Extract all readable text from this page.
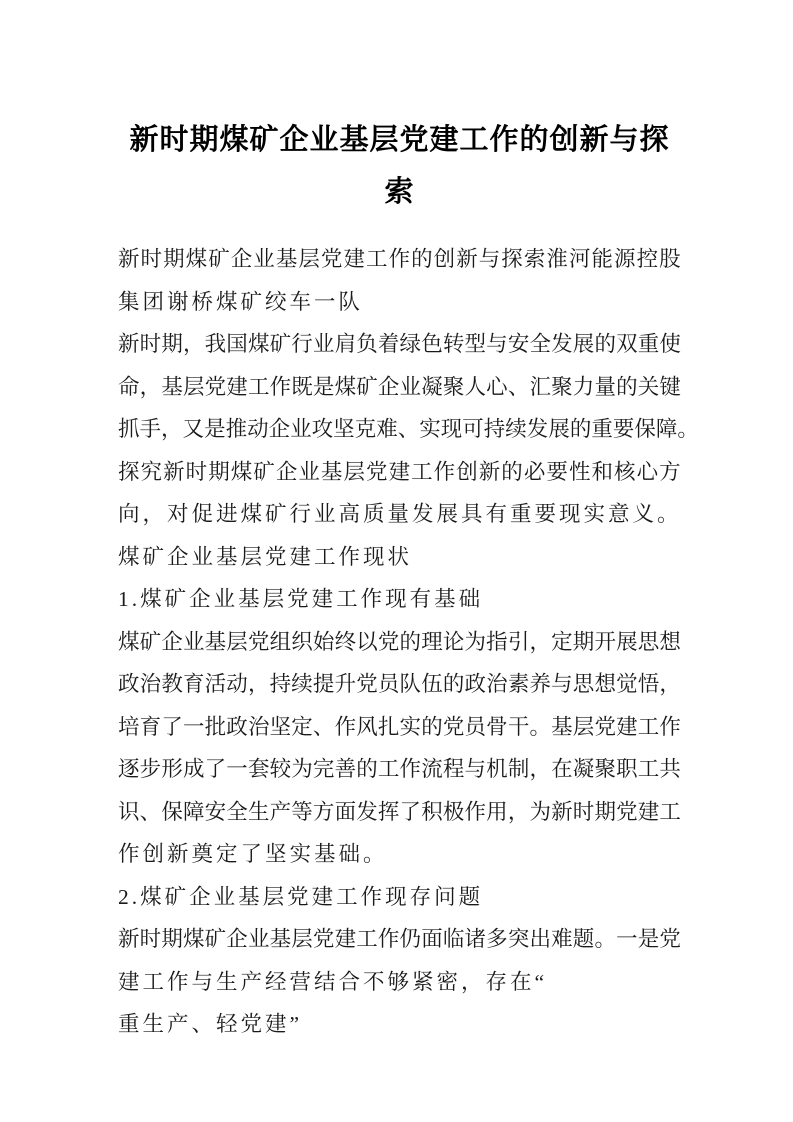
新时期煤矿企业基层党建工作的创新与探
索
新 时 期 煤 矿 企 业 基 层 党 建 工 作 的 创 新 与 探 索 淮 河 能 源 控 股
集团谢桥煤矿绞车一队
新 时 期 ， 我 国 煤 矿 行 业 肩 负 着 绿 色 转 型 与 安 全 发 展 的 双 重 使
命 ， 基 层 党 建 工 作 既 是 煤 矿 企 业 凝 聚 人 心 、 汇 聚 力 量 的 关 键
抓 手 ， 又 是 推 动 企 业 攻 坚 克 难 、 实 现 可 持 续 发 展 的 重 要 保 障 。
探 究 新 时 期 煤 矿 企 业 基 层 党 建 工 作 创 新 的 必 要 性 和 核 心 方
向，对促进煤矿行业高质量发展具有重要现实意义。
煤矿企业基层党建工作现状
1.煤矿企业基层党建工作现有基础
煤 矿 企 业 基 层 党 组 织 始 终 以 党 的 理 论 为 指 引 ， 定 期 开 展 思 想
政 治 教 育 活 动 ， 持 续 提 升 党 员 队 伍 的 政 治 素 养 与 思 想 觉 悟 ，
培 育 了 一 批 政 治 坚 定 、 作 风 扎 实 的 党 员 骨 干 。 基 层 党 建 工 作
逐 步 形 成 了 一 套 较 为 完 善 的 工 作 流 程 与 机 制 ， 在 凝 聚 职 工 共
识 、 保 障 安 全 生 产 等 方 面 发 挥 了 积 极 作 用 ， 为 新 时 期 党 建 工
作创新奠定了坚实基础。
2.煤矿企业基层党建工作现存问题
新 时 期 煤 矿 企 业 基 层 党 建 工 作 仍 面 临 诸 多 突 出 难 题 。 一 是 党
建工作与生产经营结合不够紧密，存在“
重生产、轻党建”
